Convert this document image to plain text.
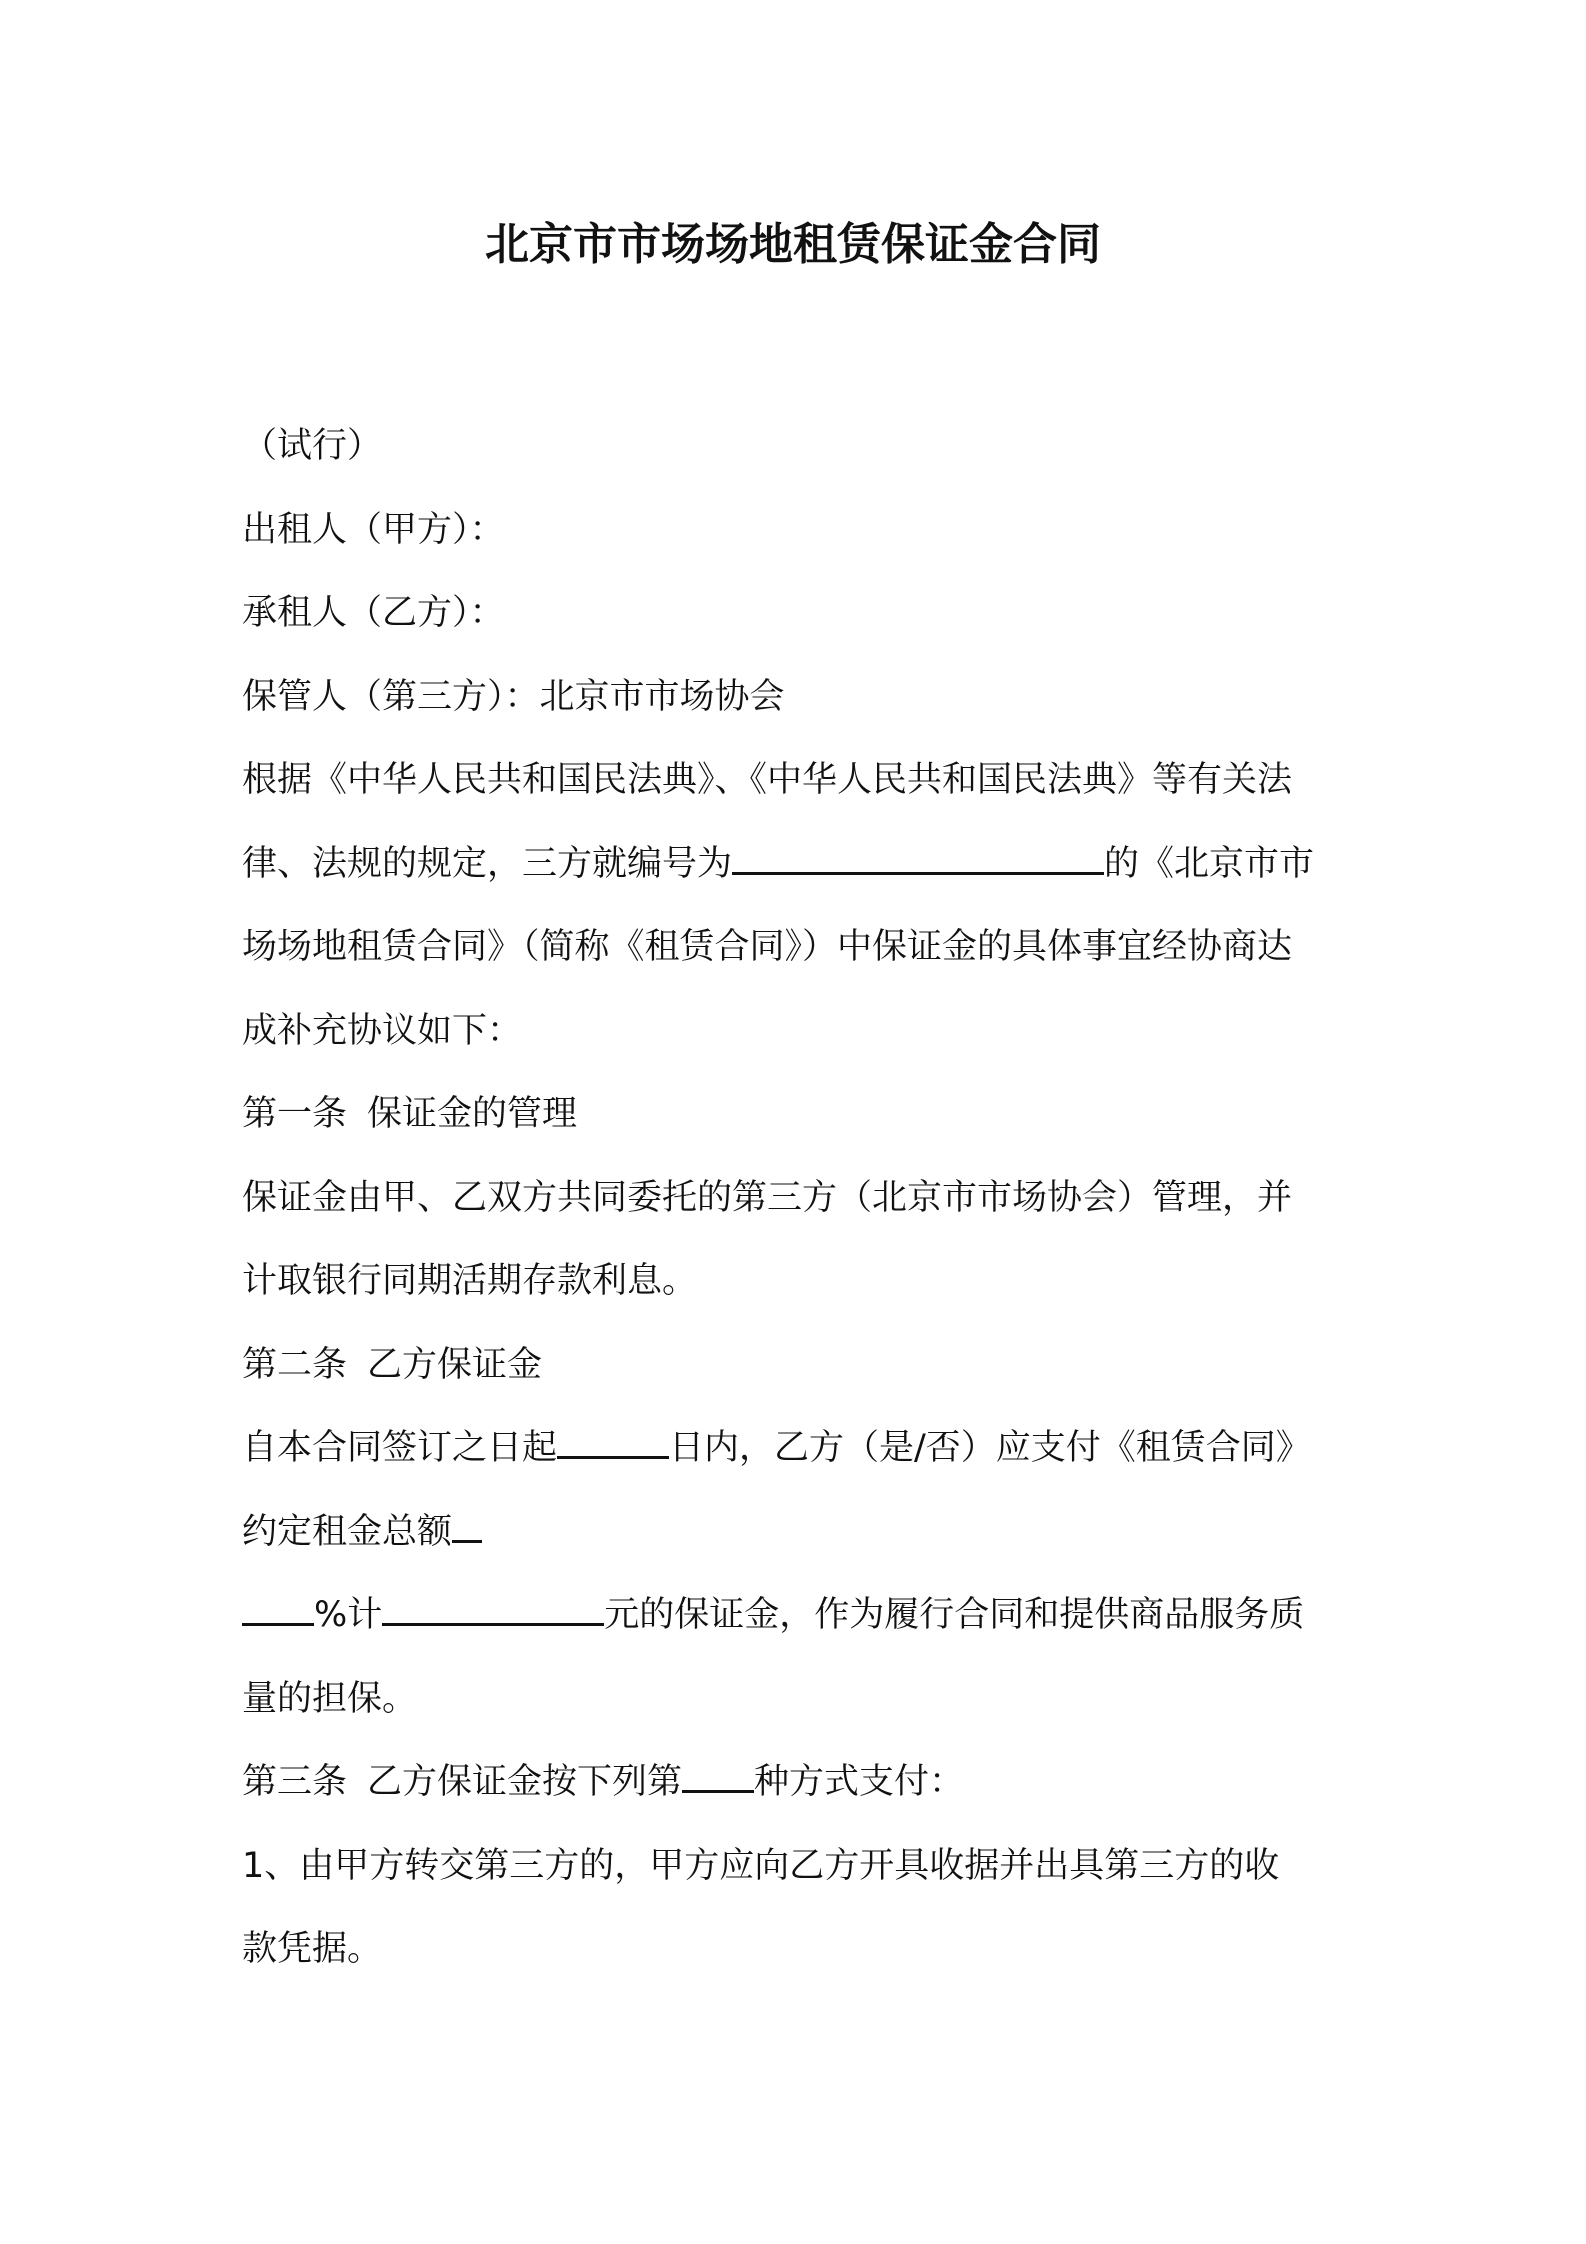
北京市市场场地租赁保证金合同
（试行）
出租人（甲方）：
承租人（乙方）：
保管人（第三方）：北京市市场协会
根据《中华人民共和国民法典》、《中华人民共和国民法典》等有关法
律、法规的规定，三方就编号为	的《北京市市
场场地租赁合同》（简称《租赁合同》）中保证金的具体事宜经协商达
成补充协议如下：
第一条 保证金的管理
保证金由甲、乙双方共同委托的第三方（北京市市场协会）管理，并
计取银行同期活期存款利息。
第二条 乙方保证金
自本合同签订之日起	日内，乙方（是/否）应支付《租赁合同》
约定租金总额
%计	元的保证金，作为履行合同和提供商品服务质
量的担保。
第三条 乙方保证金按下列第 种方式支付：
1、由甲方转交第三方的，甲方应向乙方开具收据并出具第三方的收
款凭据。
